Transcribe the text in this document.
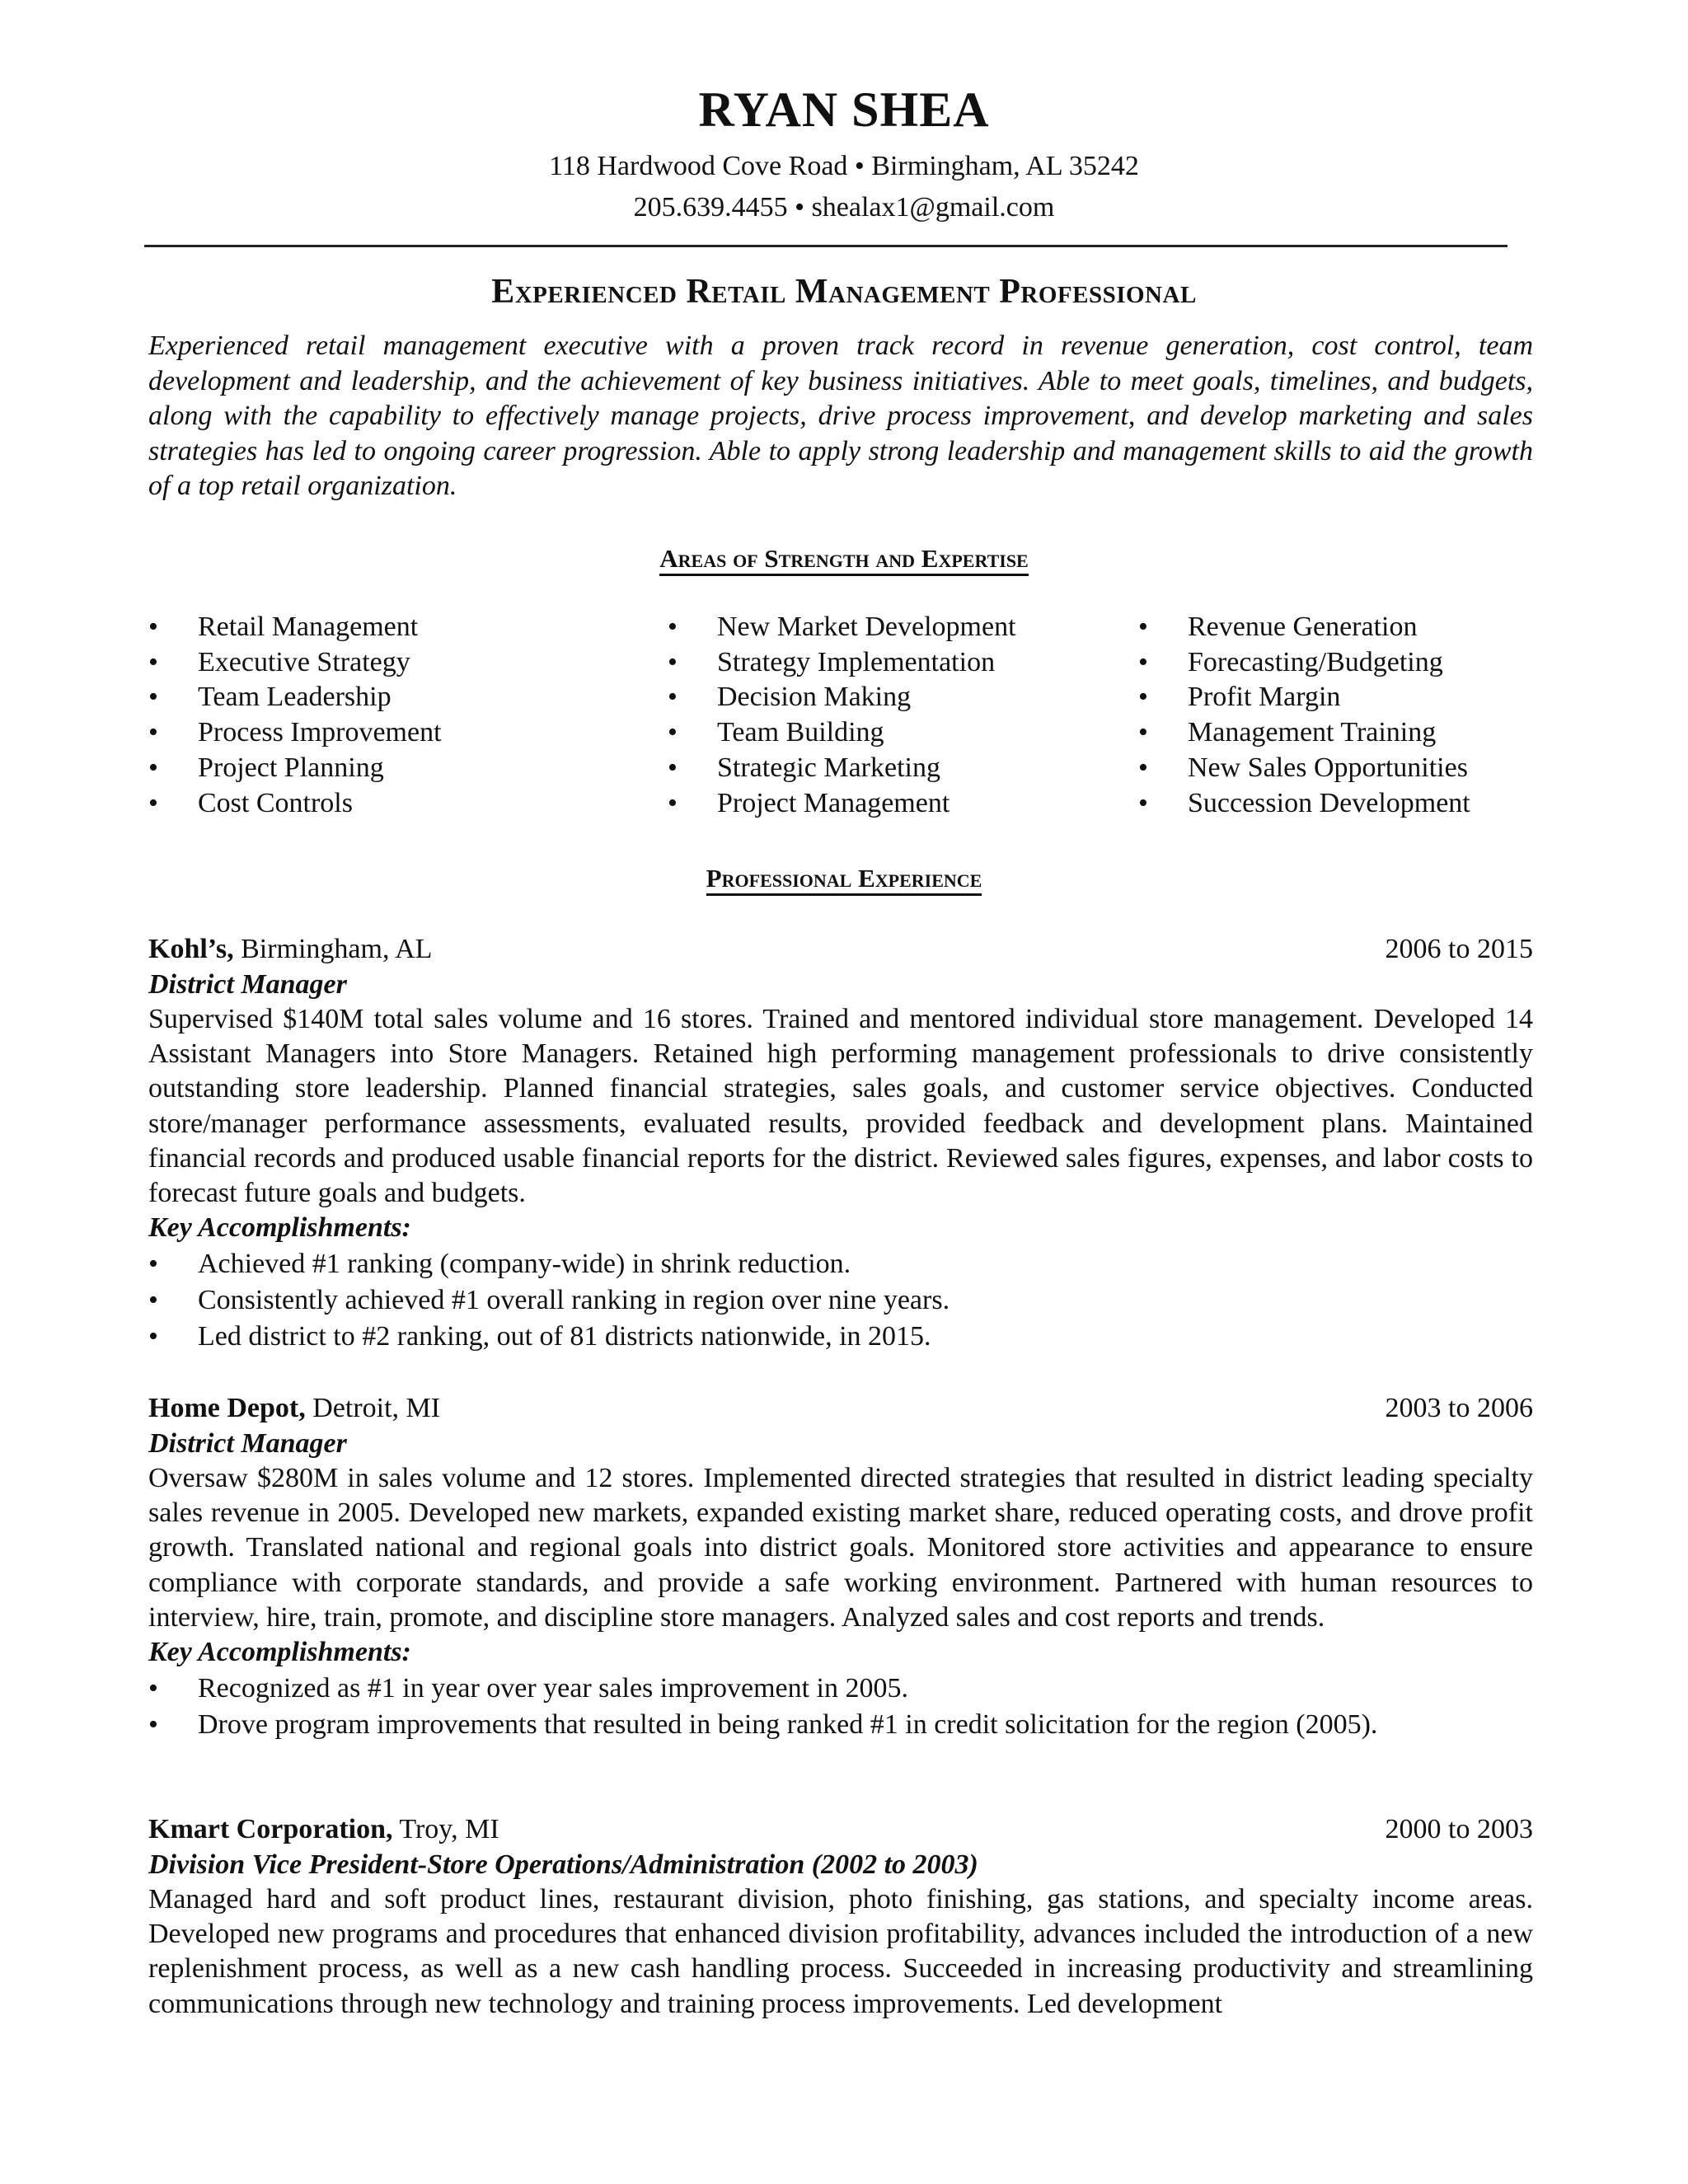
RYAN SHEA
118 Hardwood Cove Road • Birmingham, AL 35242
205.639.4455 • shealax1@gmail.com
Experienced Retail Management Professional
Experienced retail management executive with a proven track record in revenue generation, cost control, team development and leadership, and the achievement of key business initiatives. Able to meet goals, timelines, and budgets, along with the capability to effectively manage projects, drive process improvement, and develop marketing and sales strategies has led to ongoing career progression. Able to apply strong leadership and management skills to aid the growth of a top retail organization.
Areas of Strength and Expertise
• Retail Management
• Executive Strategy
• Team Leadership
• Process Improvement
• Project Planning
• Cost Controls
• New Market Development
• Strategy Implementation
• Decision Making
• Team Building
• Strategic Marketing
• Project Management
• Revenue Generation
• Forecasting/Budgeting
• Profit Margin
• Management Training
• New Sales Opportunities
• Succession Development
Professional Experience
Kohl’s, Birmingham, AL	2006 to 2015
District Manager
Supervised $140M total sales volume and 16 stores. Trained and mentored individual store management. Developed 14 Assistant Managers into Store Managers. Retained high performing management professionals to drive consistently outstanding store leadership. Planned financial strategies, sales goals, and customer service objectives. Conducted store/manager performance assessments, evaluated results, provided feedback and development plans. Maintained financial records and produced usable financial reports for the district. Reviewed sales figures, expenses, and labor costs to forecast future goals and budgets.
Key Accomplishments:
• Achieved #1 ranking (company-wide) in shrink reduction.
• Consistently achieved #1 overall ranking in region over nine years.
• Led district to #2 ranking, out of 81 districts nationwide, in 2015.
Home Depot, Detroit, MI	2003 to 2006
District Manager
Oversaw $280M in sales volume and 12 stores. Implemented directed strategies that resulted in district leading specialty sales revenue in 2005. Developed new markets, expanded existing market share, reduced operating costs, and drove profit growth. Translated national and regional goals into district goals. Monitored store activities and appearance to ensure compliance with corporate standards, and provide a safe working environment. Partnered with human resources to interview, hire, train, promote, and discipline store managers. Analyzed sales and cost reports and trends.
Key Accomplishments:
• Recognized as #1 in year over year sales improvement in 2005.
• Drove program improvements that resulted in being ranked #1 in credit solicitation for the region (2005).
Kmart Corporation, Troy, MI	2000 to 2003
Division Vice President-Store Operations/Administration (2002 to 2003)
Managed hard and soft product lines, restaurant division, photo finishing, gas stations, and specialty income areas. Developed new programs and procedures that enhanced division profitability, advances included the introduction of a new replenishment process, as well as a new cash handling process. Succeeded in increasing productivity and streamlining communications through new technology and training process improvements. Led development
